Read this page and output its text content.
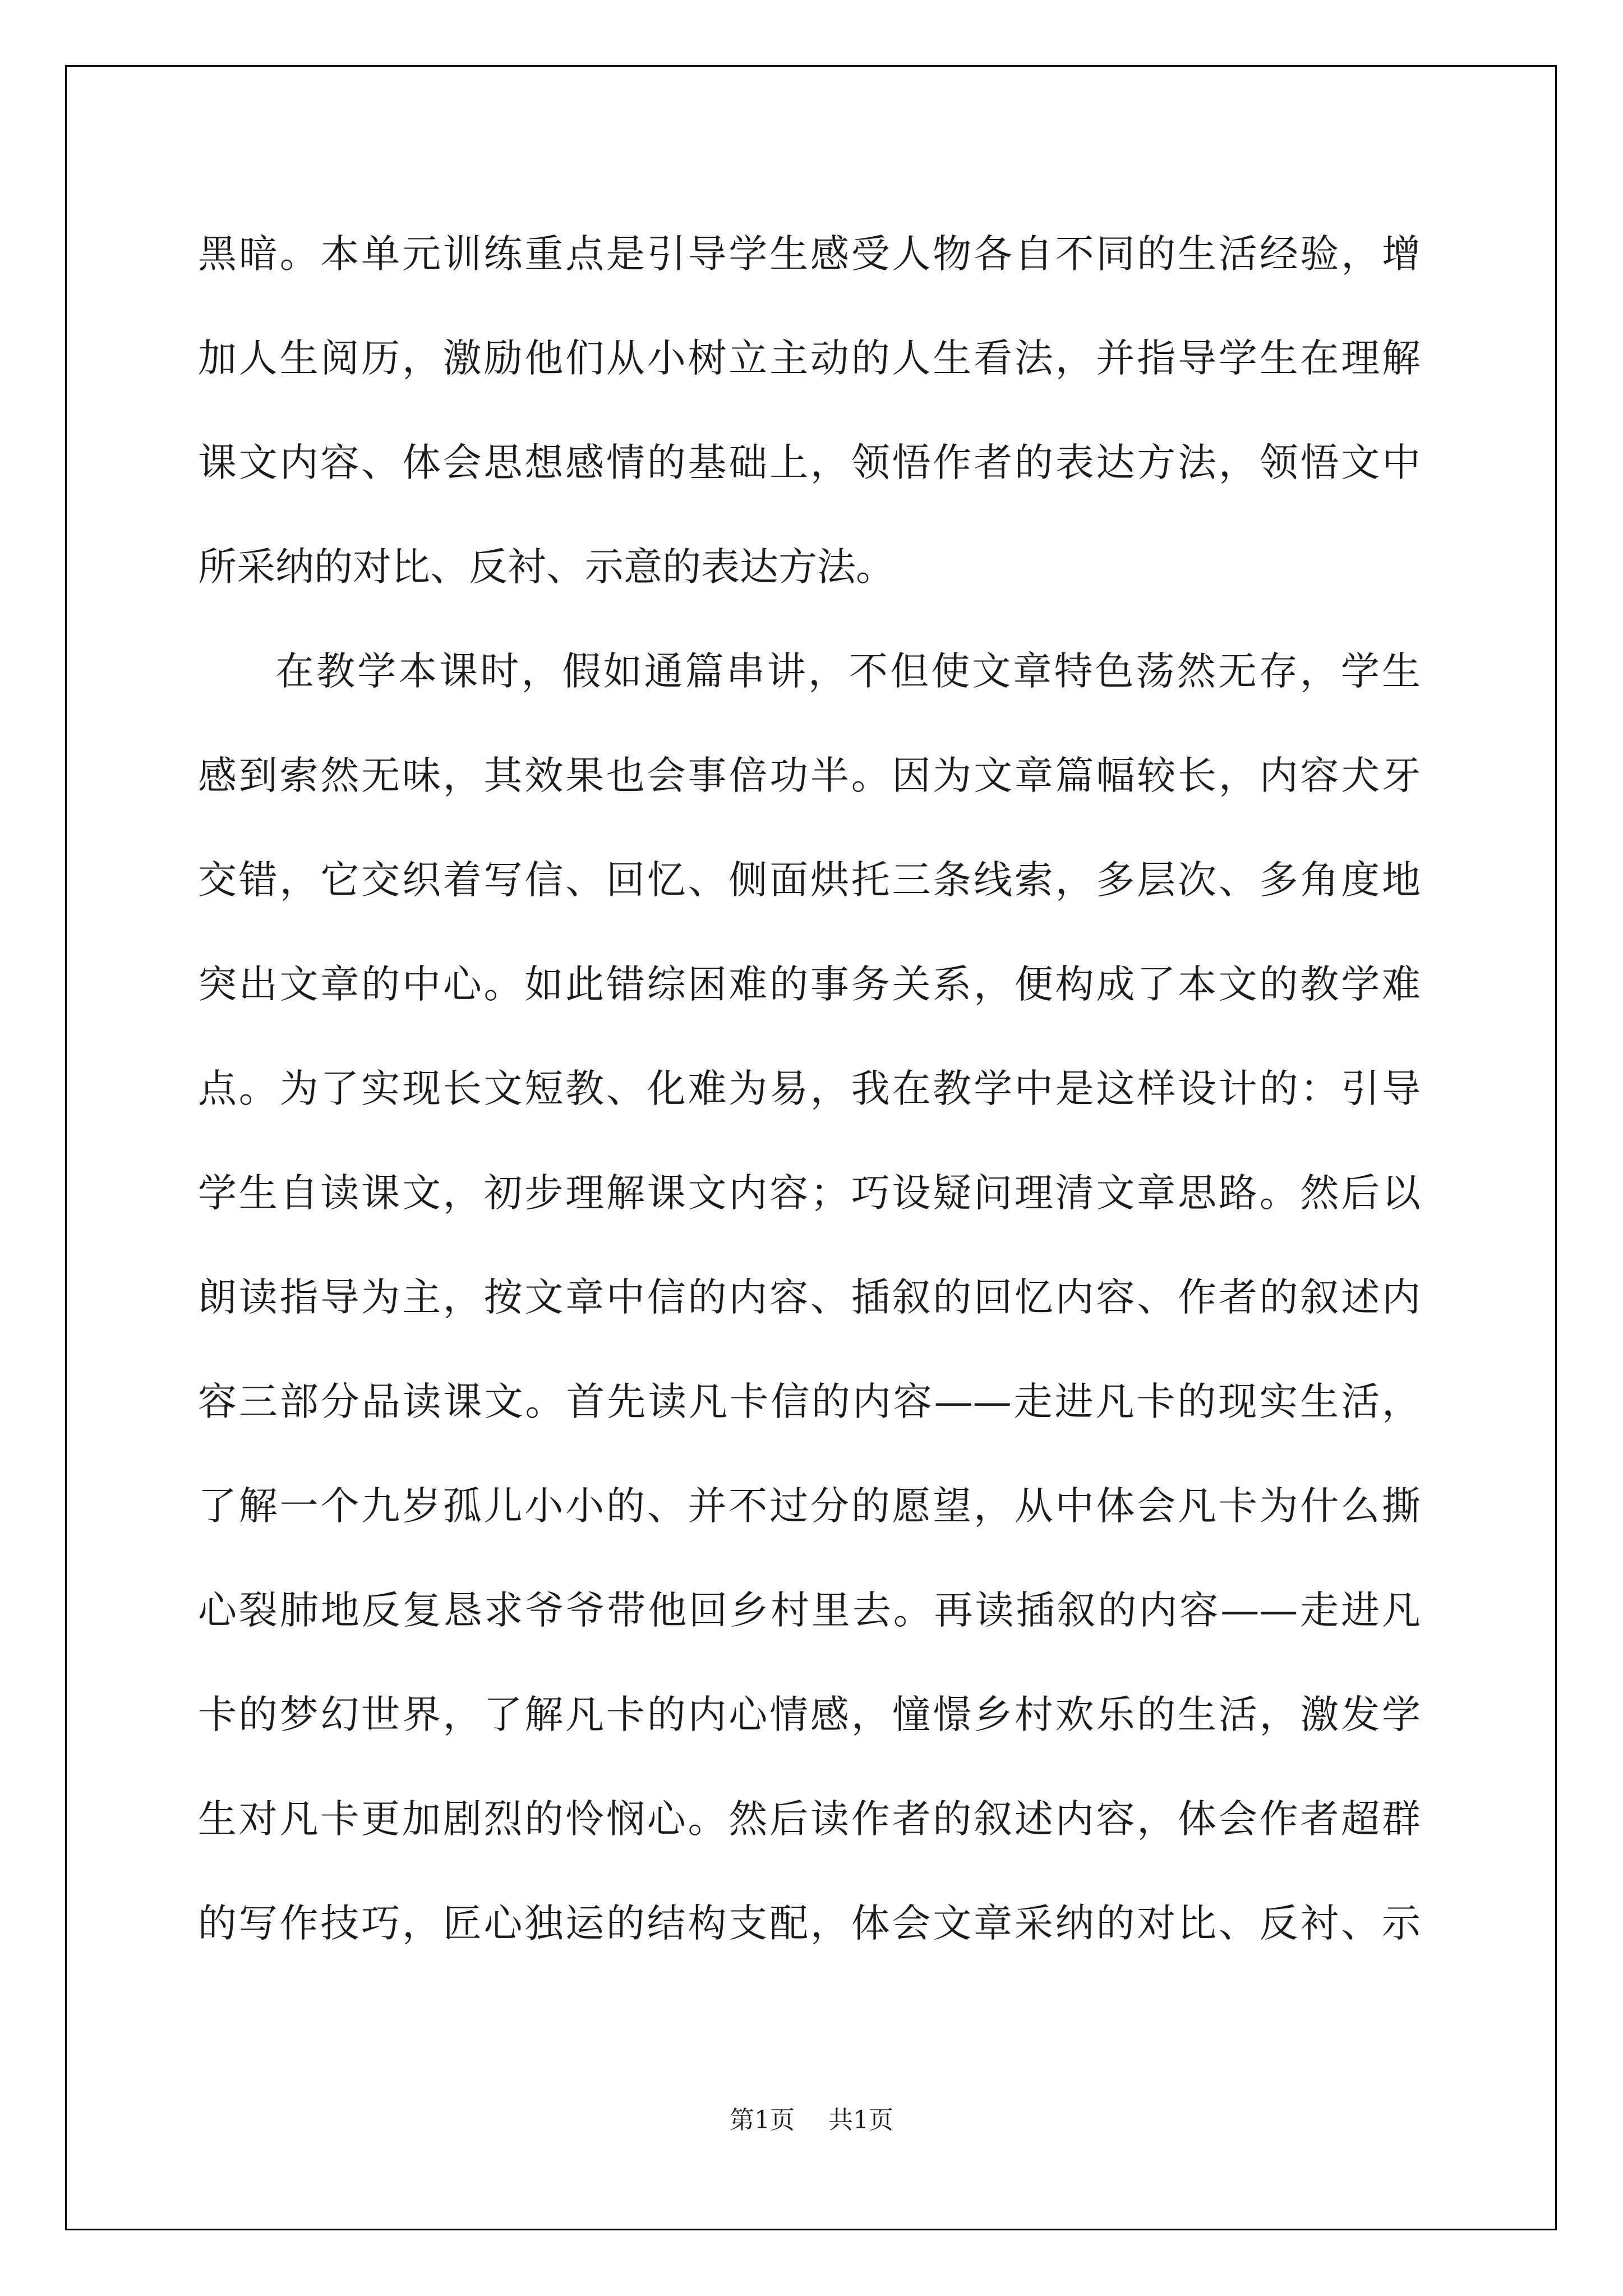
黑暗。本单元训练重点是引导学生感受人物各自不同的生活经验，增
加人生阅历，激励他们从小树立主动的人生看法，并指导学生在理解
课文内容、体会思想感情的基础上，领悟作者的表达方法，领悟文中
所采纳的对比、反衬、示意的表达方法。
在教学本课时，假如通篇串讲，不但使文章特色荡然无存，学生
感到索然无味，其效果也会事倍功半。因为文章篇幅较长，内容犬牙
交错，它交织着写信、回忆、侧面烘托三条线索，多层次、多角度地
突出文章的中心。如此错综困难的事务关系，便构成了本文的教学难
点。为了实现长文短教、化难为易，我在教学中是这样设计的：引导
学生自读课文，初步理解课文内容；巧设疑问理清文章思路。然后以
朗读指导为主，按文章中信的内容、插叙的回忆内容、作者的叙述内
容三部分品读课文。首先读凡卡信的内容——走进凡卡的现实生活，
了解一个九岁孤儿小小的、并不过分的愿望，从中体会凡卡为什么撕
心裂肺地反复恳求爷爷带他回乡村里去。再读插叙的内容——走进凡
卡的梦幻世界，了解凡卡的内心情感，憧憬乡村欢乐的生活，激发学
生对凡卡更加剧烈的怜悯心。然后读作者的叙述内容，体会作者超群
的写作技巧，匠心独运的结构支配，体会文章采纳的对比、反衬、示
第1页 共1页
